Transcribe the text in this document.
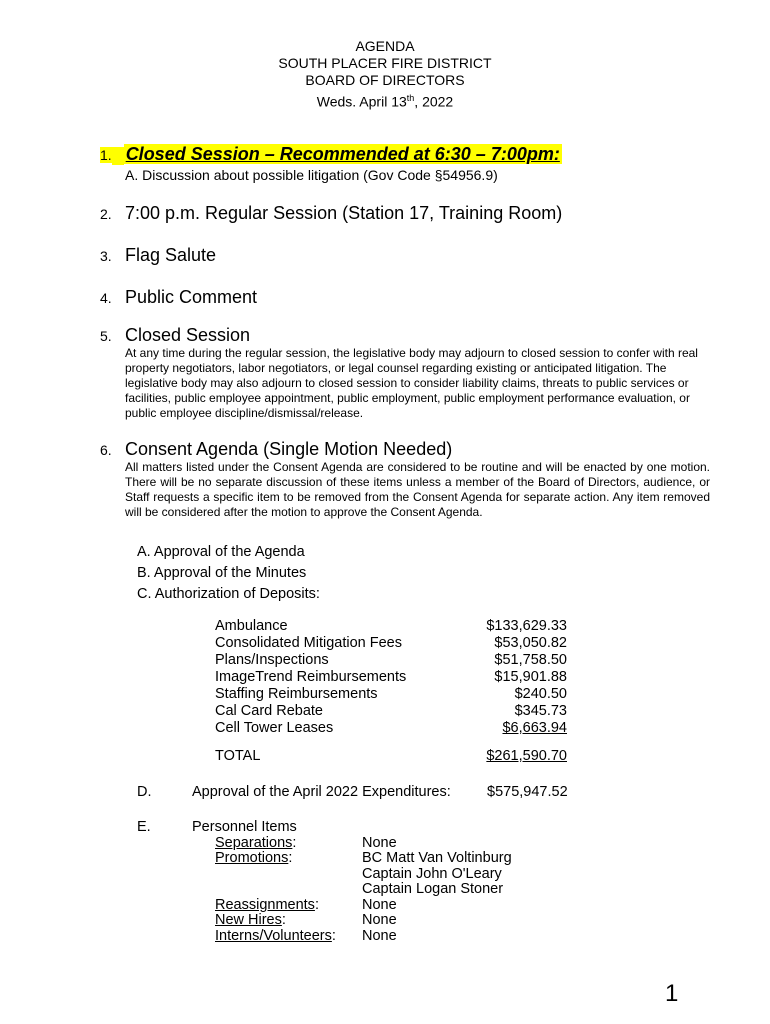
AGENDA
SOUTH PLACER FIRE DISTRICT
BOARD OF DIRECTORS
Weds. April 13th, 2022
1. Closed Session – Recommended at 6:30 – 7:00pm:
A. Discussion about possible litigation (Gov Code §54956.9)
2. 7:00 p.m. Regular Session (Station 17, Training Room)
3. Flag Salute
4. Public Comment
5. Closed Session
At any time during the regular session, the legislative body may adjourn to closed session to confer with real property negotiators, labor negotiators, or legal counsel regarding existing or anticipated litigation. The legislative body may also adjourn to closed session to consider liability claims, threats to public services or facilities, public employee appointment, public employment, public employment performance evaluation, or public employee discipline/dismissal/release.
6. Consent Agenda (Single Motion Needed)
All matters listed under the Consent Agenda are considered to be routine and will be enacted by one motion. There will be no separate discussion of these items unless a member of the Board of Directors, audience, or Staff requests a specific item to be removed from the Consent Agenda for separate action. Any item removed will be considered after the motion to approve the Consent Agenda.
A. Approval of the Agenda
B. Approval of the Minutes
C. Authorization of Deposits:
Ambulance	$133,629.33
Consolidated Mitigation Fees	$53,050.82
Plans/Inspections	$51,758.50
ImageTrend Reimbursements	$15,901.88
Staffing Reimbursements	$240.50
Cal Card Rebate	$345.73
Cell Tower Leases	$6,663.94
TOTAL	$261,590.70
D.	Approval of the April 2022 Expenditures:	$575,947.52
E.	Personnel Items
Separations:	None
Promotions:	BC Matt Van Voltinburg
Captain John O'Leary
Captain Logan Stoner
Reassignments:	None
New Hires:	None
Interns/Volunteers: None
1
